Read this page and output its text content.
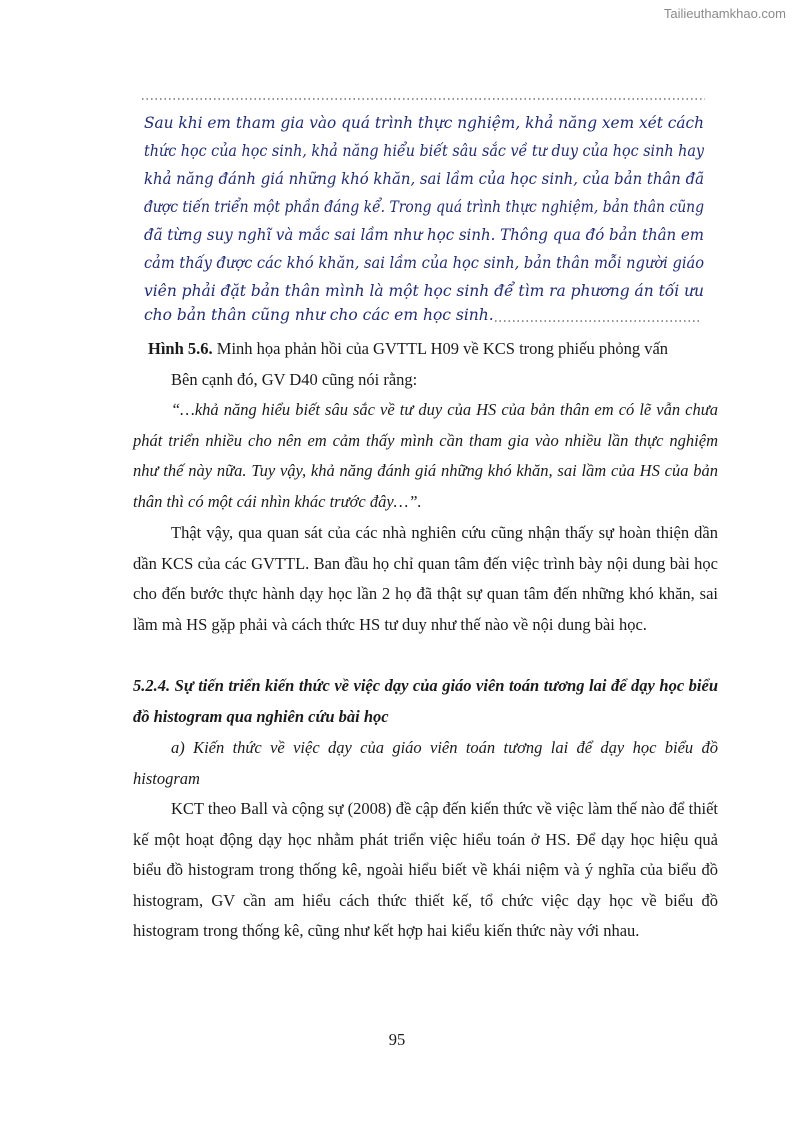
Tailieuthamkhao.com
Sau khi em tham gia vào quá trình thực nghiệm, khả năng xem xét cách
thức học của học sinh, khả năng hiểu biết sâu sắc về tư duy của học sinh hay
khả năng đánh giá những khó khăn, sai lầm của học sinh, của bản thân đã
được tiến triển một phần đáng kể. Trong quá trình thực nghiệm, bản thân cũng
đã từng suy nghĩ và mắc sai lầm như học sinh. Thông qua đó bản thân em
cảm thấy được các khó khăn, sai lầm của học sinh, bản thân mỗi người giáo
viên phải đặt bản thân mình là một học sinh để tìm ra phương án tối ưu
cho bản thân cũng như cho các em học sinh.
Hình 5.6. Minh họa phản hồi của GVTTL H09 về KCS trong phiếu phỏng vấn
Bên cạnh đó, GV D40 cũng nói rằng:
“…khả năng hiểu biết sâu sắc về tư duy của HS của bản thân em có lẽ vẫn chưa phát triển nhiều cho nên em cảm thấy mình cần tham gia vào nhiều lần thực nghiệm như thế này nữa. Tuy vậy, khả năng đánh giá những khó khăn, sai lầm của HS của bản thân thì có một cái nhìn khác trước đây…”.
Thật vậy, qua quan sát của các nhà nghiên cứu cũng nhận thấy sự hoàn thiện dần dần KCS của các GVTTL. Ban đầu họ chỉ quan tâm đến việc trình bày nội dung bài học cho đến bước thực hành dạy học lần 2 họ đã thật sự quan tâm đến những khó khăn, sai lầm mà HS gặp phải và cách thức HS tư duy như thế nào về nội dung bài học.
5.2.4. Sự tiến triển kiến thức về việc dạy của giáo viên toán tương lai để dạy học biểu đồ histogram qua nghiên cứu bài học
a) Kiến thức về việc dạy của giáo viên toán tương lai để dạy học biểu đồ histogram
KCT theo Ball và cộng sự (2008) đề cập đến kiến thức về việc làm thế nào để thiết kế một hoạt động dạy học nhằm phát triển việc hiểu toán ở HS. Để dạy học hiệu quả biểu đồ histogram trong thống kê, ngoài hiểu biết về khái niệm và ý nghĩa của biểu đồ histogram, GV cần am hiểu cách thức thiết kế, tổ chức việc dạy học về biểu đồ histogram trong thống kê, cũng như kết hợp hai kiểu kiến thức này với nhau.
95
